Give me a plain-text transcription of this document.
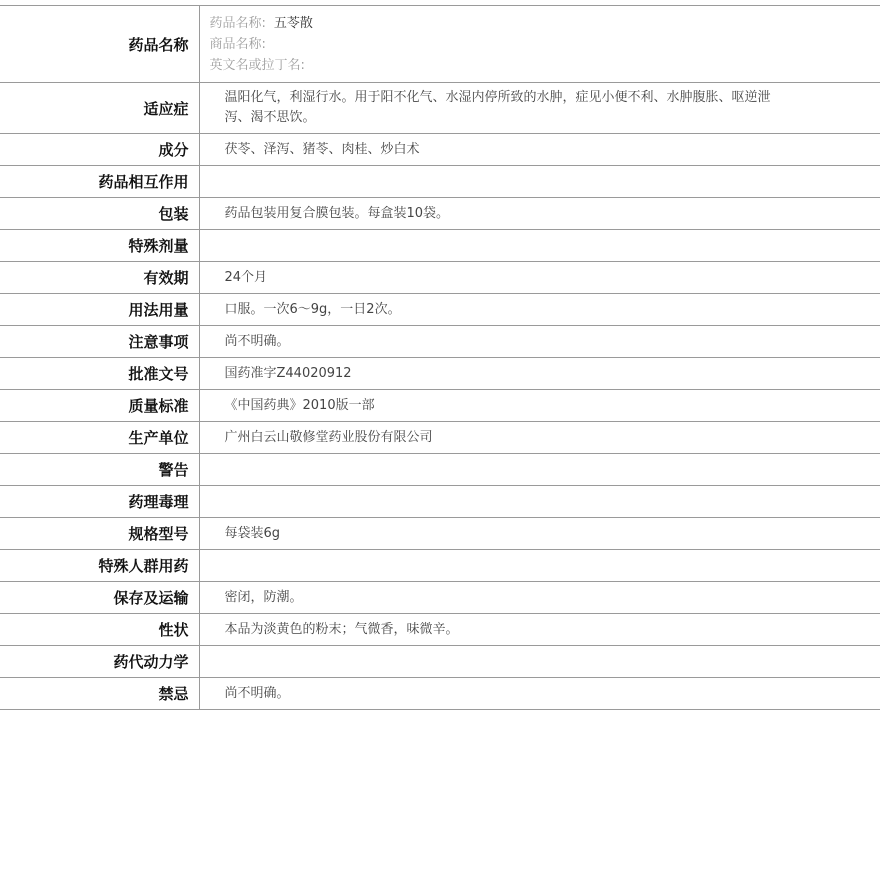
药品名称	药品名称: 五苓散
商品名称:
英文名或拉丁名:

适应症	温阳化气，利湿行水。用于阳不化气、水湿内停所致的水肿，症见小便不利、水肿腹胀、呕逆泄泻、渴不思饮。
成分	茯苓、泽泻、猪苓、肉桂、炒白术
药品相互作用	
包装	药品包装用复合膜包装。每盒装10袋。
特殊剂量	
有效期	24个月
用法用量	口服。一次6～9g，一日2次。
注意事项	尚不明确。
批准文号	国药准字Z44020912
质量标准	《中国药典》2010版一部
生产单位	广州白云山敬修堂药业股份有限公司
警告	
药理毒理	
规格型号	每袋装6g
特殊人群用药	
保存及运输	密闭，防潮。
性状	本品为淡黄色的粉末；气微香，味微辛。
药代动力学	
禁忌	尚不明确。
